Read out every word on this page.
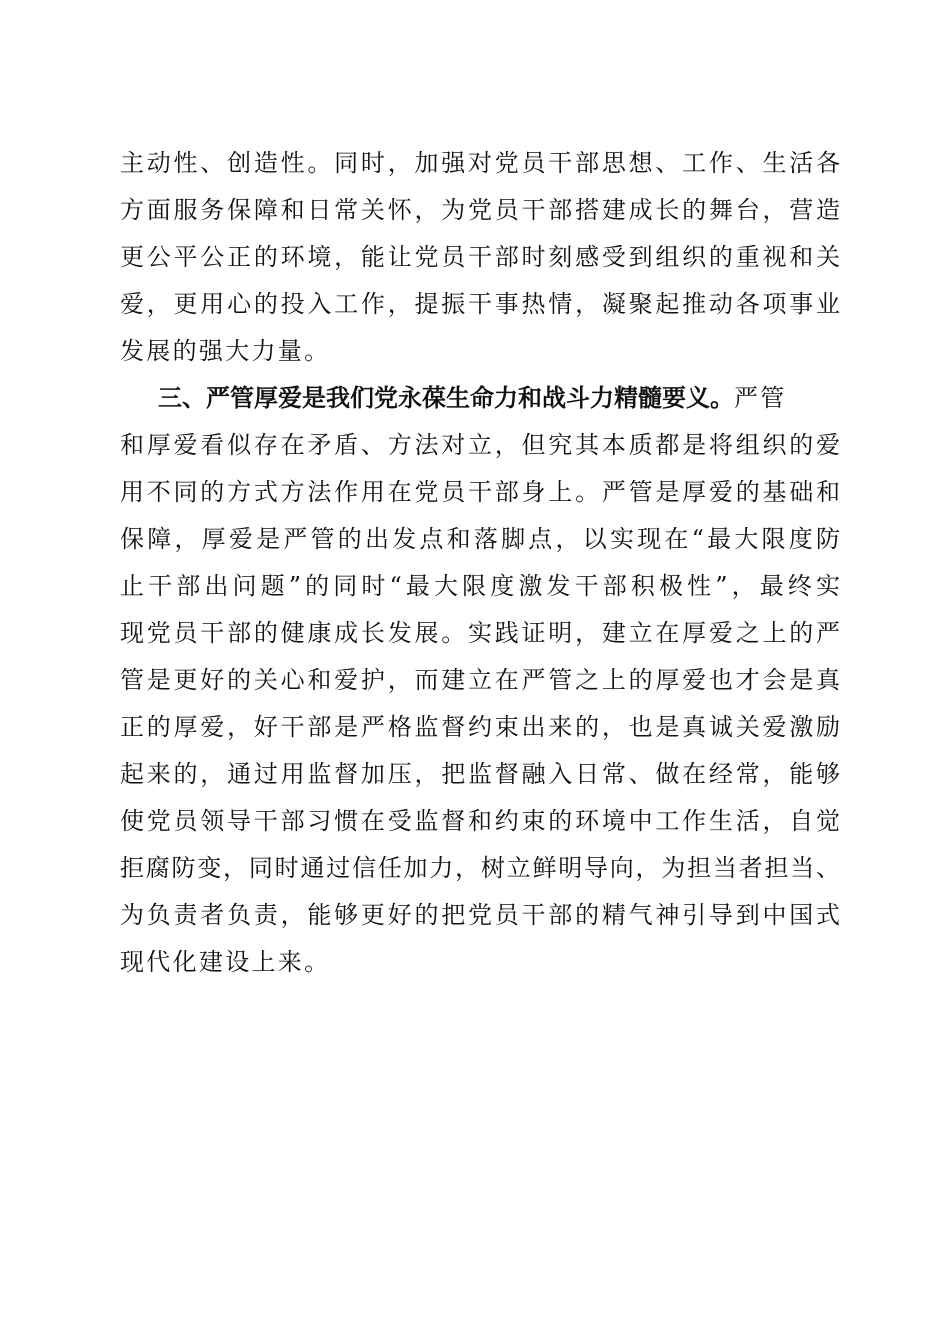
主动性、创造性。同时，加强对党员干部思想、工作、生活各
方面服务保障和日常关怀，为党员干部搭建成长的舞台，营造
更公平公正的环境，能让党员干部时刻感受到组织的重视和关
爱，更用心的投入工作，提振干事热情，凝聚起推动各项事业
发展的强大力量。
三、严管厚爱是我们党永葆生命力和战斗力精髓要义。严管
和厚爱看似存在矛盾、方法对立，但究其本质都是将组织的爱
用不同的方式方法作用在党员干部身上。严管是厚爱的基础和
保障，厚爱是严管的出发点和落脚点，以实现在“最大限度防
止干部出问题”的同时“最大限度激发干部积极性”，最终实
现党员干部的健康成长发展。实践证明，建立在厚爱之上的严
管是更好的关心和爱护，而建立在严管之上的厚爱也才会是真
正的厚爱，好干部是严格监督约束出来的，也是真诚关爱激励
起来的，通过用监督加压，把监督融入日常、做在经常，能够
使党员领导干部习惯在受监督和约束的环境中工作生活，自觉
拒腐防变，同时通过信任加力，树立鲜明导向，为担当者担当、
为负责者负责，能够更好的把党员干部的精气神引导到中国式
现代化建设上来。
